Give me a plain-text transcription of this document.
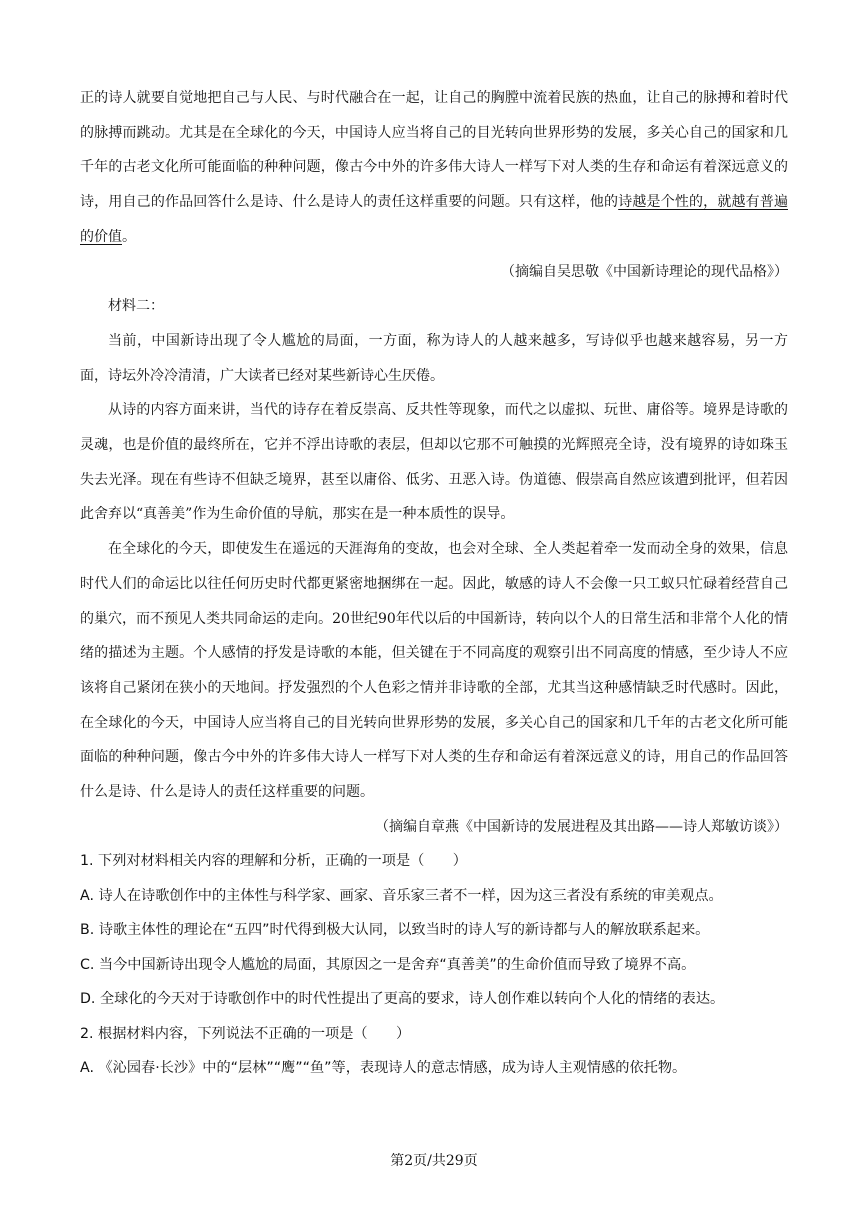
正的诗人就要自觉地把自己与人民、与时代融合在一起，让自己的胸膛中流着民族的热血，让自己的脉搏和着时代的脉搏而跳动。尤其是在全球化的今天，中国诗人应当将自己的目光转向世界形势的发展，多关心自己的国家和几千年的古老文化所可能面临的种种问题，像古今中外的许多伟大诗人一样写下对人类的生存和命运有着深远意义的诗，用自己的作品回答什么是诗、什么是诗人的责任这样重要的问题。只有这样，他的诗越是个性的，就越有普遍的价值。

（摘编自吴思敬《中国新诗理论的现代品格》）

材料二：

当前，中国新诗出现了令人尴尬的局面，一方面，称为诗人的人越来越多，写诗似乎也越来越容易，另一方面，诗坛外冷冷清清，广大读者已经对某些新诗心生厌倦。

从诗的内容方面来讲，当代的诗存在着反崇高、反共性等现象，而代之以虚拟、玩世、庸俗等。境界是诗歌的灵魂，也是价值的最终所在，它并不浮出诗歌的表层，但却以它那不可触摸的光辉照亮全诗，没有境界的诗如珠玉失去光泽。现在有些诗不但缺乏境界，甚至以庸俗、低劣、丑恶入诗。伪道德、假崇高自然应该遭到批评，但若因此舍弃以“真善美”作为生命价值的导航，那实在是一种本质性的误导。

在全球化的今天，即使发生在遥远的天涯海角的变故，也会对全球、全人类起着牵一发而动全身的效果，信息时代人们的命运比以往任何历史时代都更紧密地捆绑在一起。因此，敏感的诗人不会像一只工蚁只忙碌着经营自己的巢穴，而不预见人类共同命运的走向。20世纪90年代以后的中国新诗，转向以个人的日常生活和非常个人化的情绪的描述为主题。个人感情的抒发是诗歌的本能，但关键在于不同高度的观察引出不同高度的情感，至少诗人不应该将自己紧闭在狭小的天地间。抒发强烈的个人色彩之情并非诗歌的全部，尤其当这种感情缺乏时代感时。因此，在全球化的今天，中国诗人应当将自己的目光转向世界形势的发展，多关心自己的国家和几千年的古老文化所可能面临的种种问题，像古今中外的许多伟大诗人一样写下对人类的生存和命运有着深远意义的诗，用自己的作品回答什么是诗、什么是诗人的责任这样重要的问题。

（摘编自章燕《中国新诗的发展进程及其出路——诗人郑敏访谈》）

1. 下列对材料相关内容的理解和分析，正确的一项是（　　）

A. 诗人在诗歌创作中的主体性与科学家、画家、音乐家三者不一样，因为这三者没有系统的审美观点。

B. 诗歌主体性的理论在“五四”时代得到极大认同，以致当时的诗人写的新诗都与人的解放联系起来。

C. 当今中国新诗出现令人尴尬的局面，其原因之一是舍弃“真善美”的生命价值而导致了境界不高。

D. 全球化的今天对于诗歌创作中的时代性提出了更高的要求，诗人创作难以转向个人化的情绪的表达。

2. 根据材料内容，下列说法不正确的一项是（　　）

A. 《沁园春·长沙》中的“层林”“鹰”“鱼”等，表现诗人的意志情感，成为诗人主观情感的依托物。

第2页/共29页
